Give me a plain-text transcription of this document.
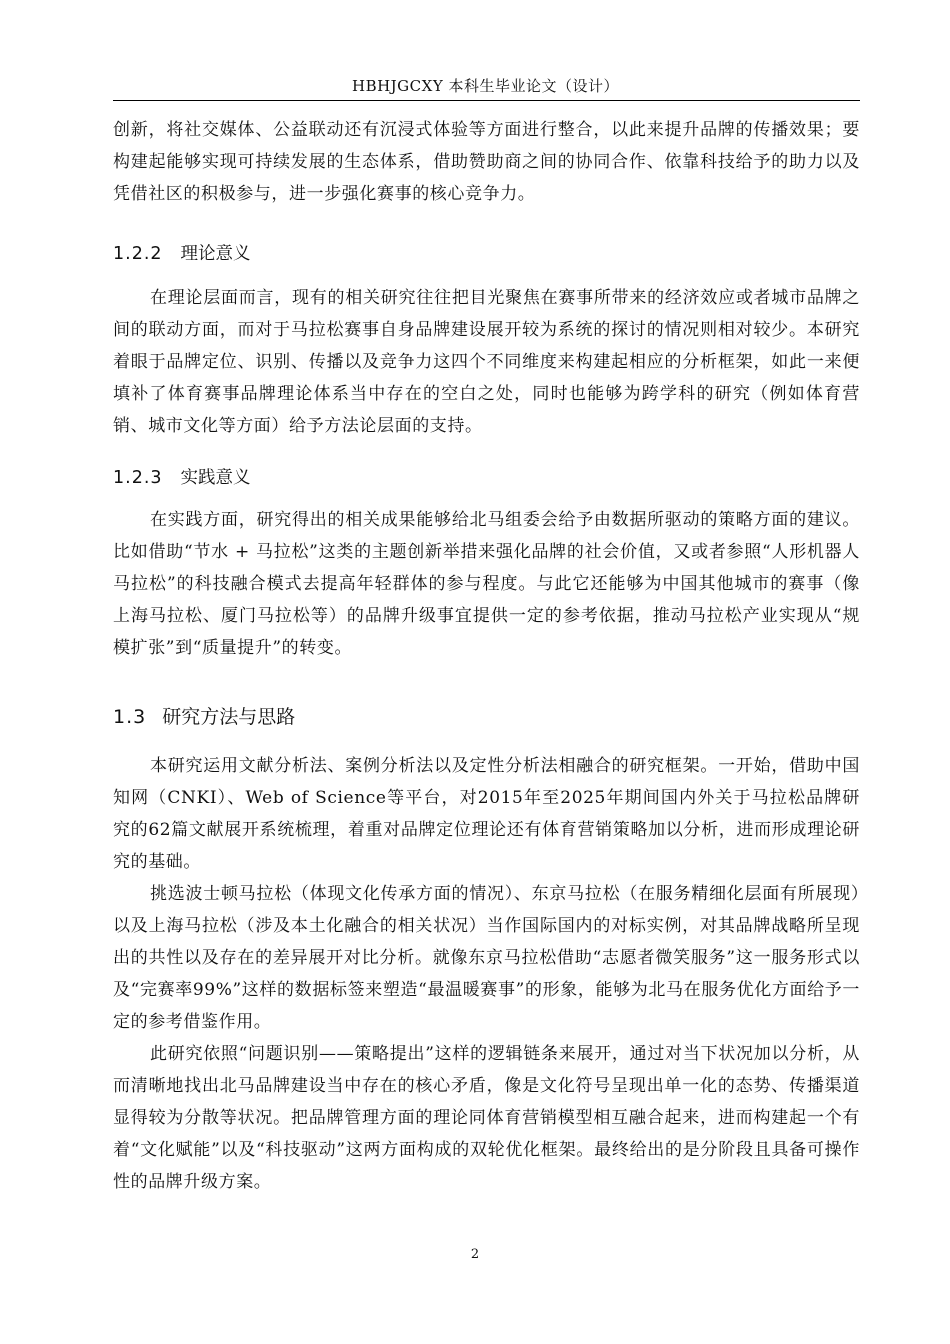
HBHJGCXY 本科生毕业论文（设计）

创新，将社交媒体、公益联动还有沉浸式体验等方面进行整合，以此来提升品牌的传播效果；要构建起能够实现可持续发展的生态体系，借助赞助商之间的协同合作、依靠科技给予的助力以及凭借社区的积极参与，进一步强化赛事的核心竞争力。

1.2.2 理论意义

在理论层面而言，现有的相关研究往往把目光聚焦在赛事所带来的经济效应或者城市品牌之间的联动方面，而对于马拉松赛事自身品牌建设展开较为系统的探讨的情况则相对较少。本研究着眼于品牌定位、识别、传播以及竞争力这四个不同维度来构建起相应的分析框架，如此一来便填补了体育赛事品牌理论体系当中存在的空白之处，同时也能够为跨学科的研究（例如体育营销、城市文化等方面）给予方法论层面的支持。

1.2.3 实践意义

在实践方面，研究得出的相关成果能够给北马组委会给予由数据所驱动的策略方面的建议。比如借助“节水 + 马拉松”这类的主题创新举措来强化品牌的社会价值，又或者参照“人形机器人马拉松”的科技融合模式去提高年轻群体的参与程度。与此它还能够为中国其他城市的赛事（像上海马拉松、厦门马拉松等）的品牌升级事宜提供一定的参考依据，推动马拉松产业实现从“规模扩张”到“质量提升”的转变。

1.3 研究方法与思路

本研究运用文献分析法、案例分析法以及定性分析法相融合的研究框架。一开始，借助中国知网（CNKI）、Web of Science等平台，对2015年至2025年期间国内外关于马拉松品牌研究的62篇文献展开系统梳理，着重对品牌定位理论还有体育营销策略加以分析，进而形成理论研究的基础。

挑选波士顿马拉松（体现文化传承方面的情况）、东京马拉松（在服务精细化层面有所展现）以及上海马拉松（涉及本土化融合的相关状况）当作国际国内的对标实例，对其品牌战略所呈现出的共性以及存在的差异展开对比分析。就像东京马拉松借助“志愿者微笑服务”这一服务形式以及“完赛率99%”这样的数据标签来塑造“最温暖赛事”的形象，能够为北马在服务优化方面给予一定的参考借鉴作用。

此研究依照“问题识别——策略提出”这样的逻辑链条来展开，通过对当下状况加以分析，从而清晰地找出北马品牌建设当中存在的核心矛盾，像是文化符号呈现出单一化的态势、传播渠道显得较为分散等状况。把品牌管理方面的理论同体育营销模型相互融合起来，进而构建起一个有着“文化赋能”以及“科技驱动”这两方面构成的双轮优化框架。最终给出的是分阶段且具备可操作性的品牌升级方案。

2
